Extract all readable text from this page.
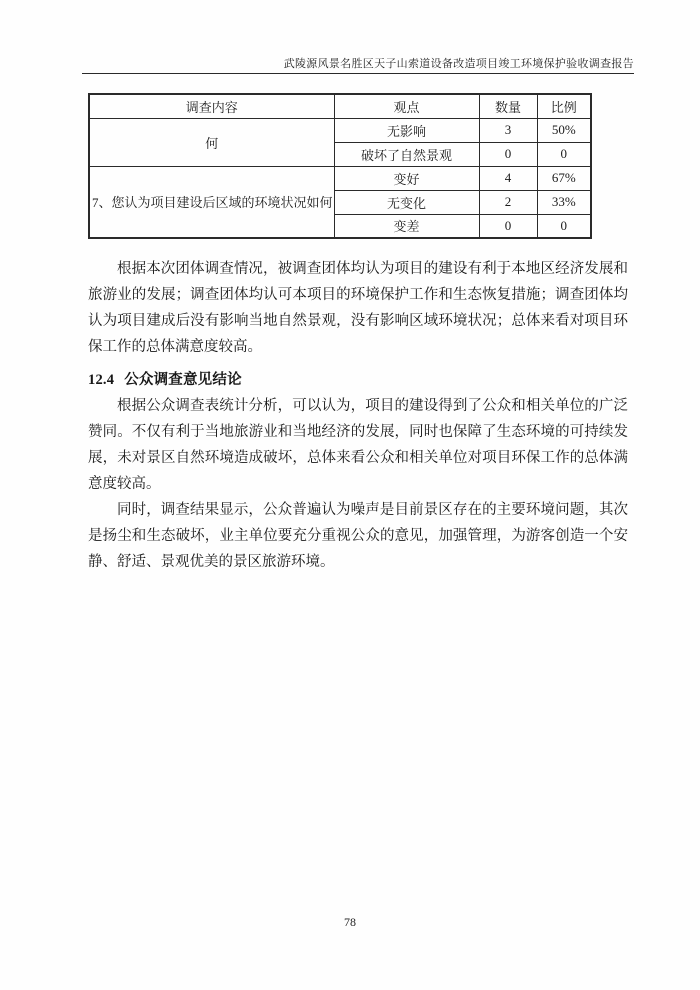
武陵源风景名胜区天子山索道设备改造项目竣工环境保护验收调查报告
调查内容	观点	数量	比例
何	无影响	3	50%
	破坏了自然景观	0	0
7、您认为项目建设后区域的环境状况如何	变好	4	67%
	无变化	2	33%
	变差	0	0

根据本次团体调查情况，被调查团体均认为项目的建设有利于本地区经济发展和旅游业的发展；调查团体均认可本项目的环境保护工作和生态恢复措施；调查团体均认为项目建成后没有影响当地自然景观，没有影响区域环境状况；总体来看对项目环保工作的总体满意度较高。

12.4 公众调查意见结论

根据公众调查表统计分析，可以认为，项目的建设得到了公众和相关单位的广泛赞同。不仅有利于当地旅游业和当地经济的发展，同时也保障了生态环境的可持续发展，未对景区自然环境造成破坏，总体来看公众和相关单位对项目环保工作的总体满意度较高。

同时，调查结果显示，公众普遍认为噪声是目前景区存在的主要环境问题，其次是扬尘和生态破坏，业主单位要充分重视公众的意见，加强管理，为游客创造一个安静、舒适、景观优美的景区旅游环境。

78
